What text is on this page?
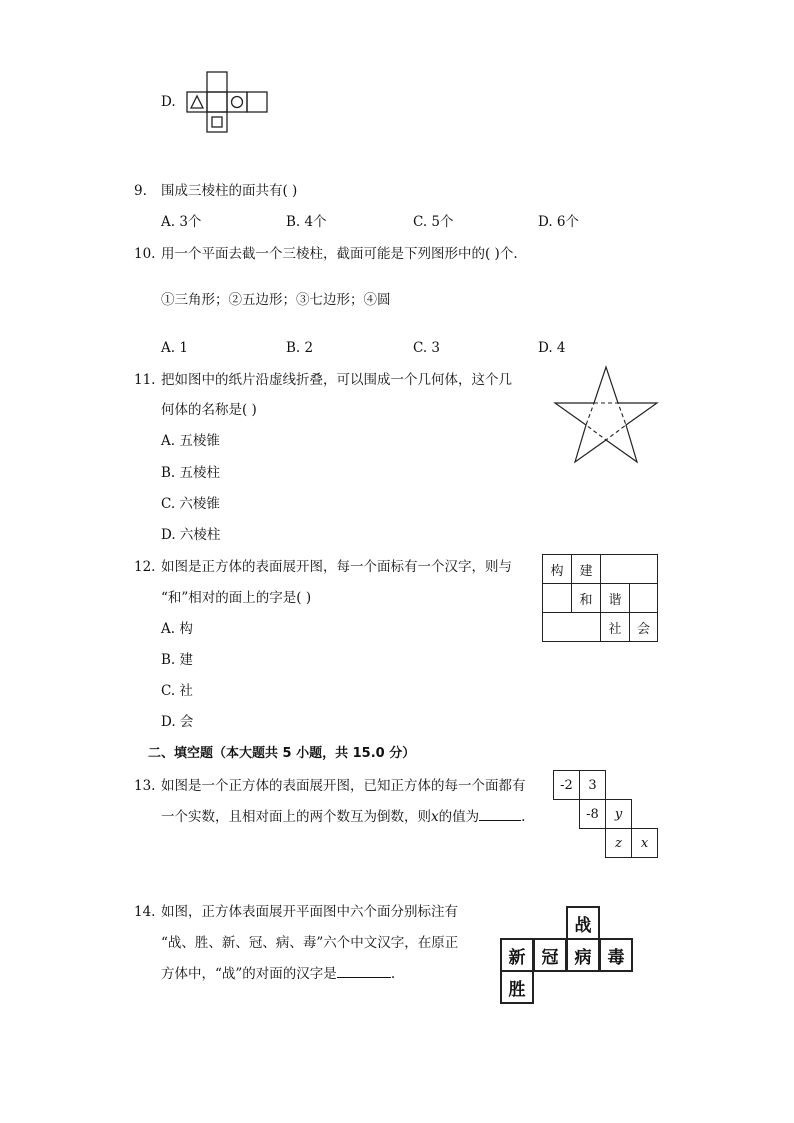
D.
9. 围成三棱柱的面共有( )
A. 3个	B. 4个	C. 5个	D. 6个
10. 用一个平面去截一个三棱柱，截面可能是下列图形中的( )个.
①三角形；②五边形；③七边形；④圆
A. 1	B. 2	C. 3	D. 4
11. 把如图中的纸片沿虚线折叠，可以围成一个几何体，这个几
何体的名称是( )
A. 五棱锥
B. 五棱柱
C. 六棱锥
D. 六棱柱
12. 如图是正方体的表面展开图，每一个面标有一个汉字，则与
“和”相对的面上的字是( )
A. 构
B. 建
C. 社
D. 会
构	建
和	谐
社	会
二、填空题（本大题共 5 小题，共 15.0 分）
13. 如图是一个正方体的表面展开图，已知正方体的每一个面都有
一个实数，且相对面上的两个数互为倒数，则x的值为	.
-2	3
-8	y
z	x
14. 如图，正方体表面展开平面图中六个面分别标注有
“战、胜、新、冠、病、毒”六个中文汉字，在原正
方体中，“战”的对面的汉字是	.
战
新 冠 病 毒
胜
